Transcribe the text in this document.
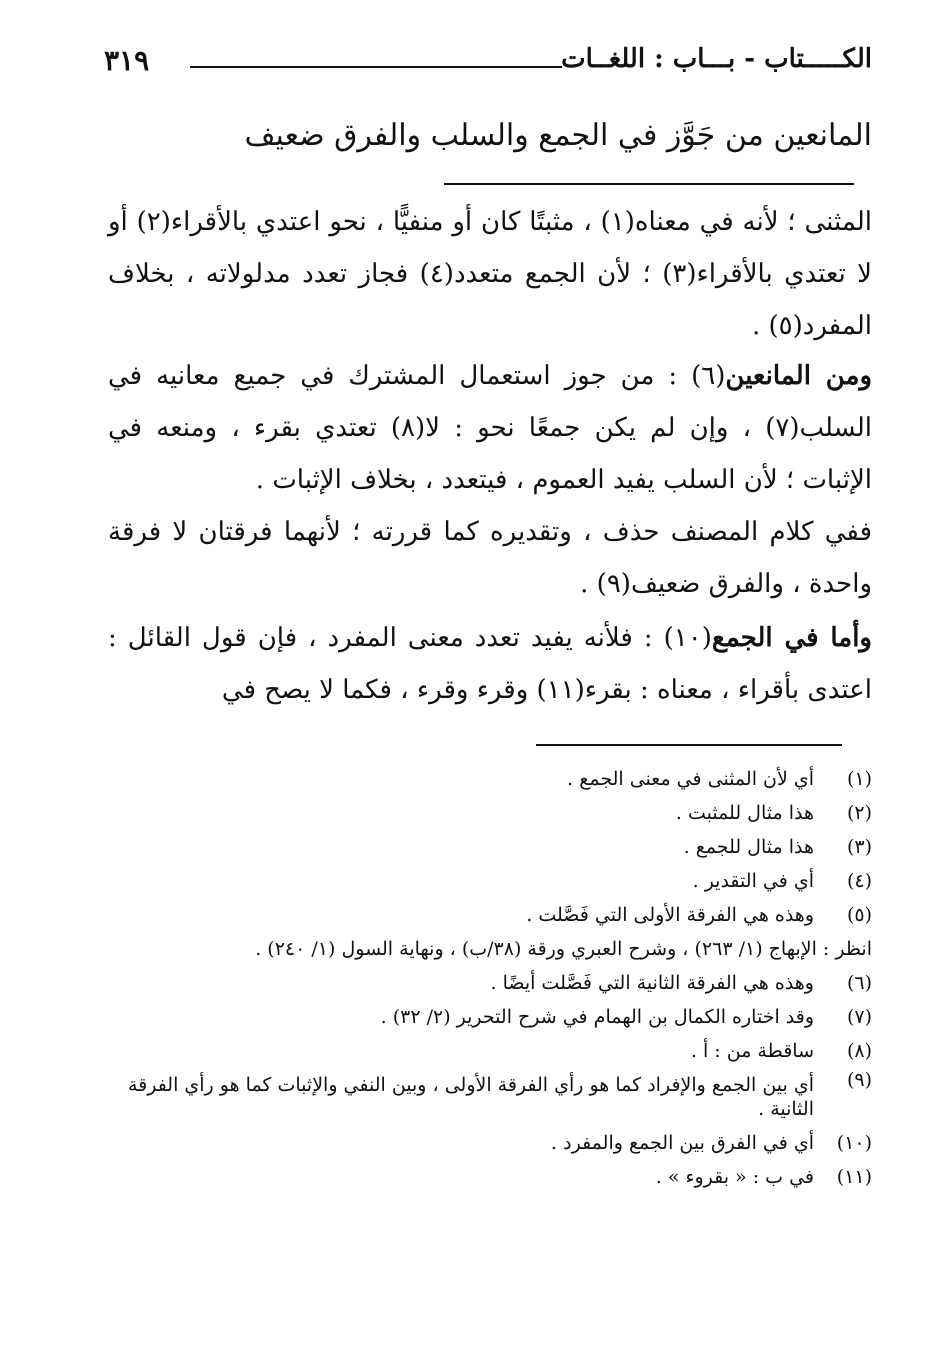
الكـــــتاب - بـــاب : اللغــات
٣١٩
المانعين من جَوَّز في الجمع والسلب والفرق ضعيف
المثنى ؛ لأنه في معناه(١) ، مثبتًا كان أو منفيًّا ، نحو اعتدي بالأقراء(٢) أو لا تعتدي بالأقراء(٣) ؛ لأن الجمع متعدد(٤) فجاز تعدد مدلولاته ، بخلاف المفرد(٥) .
ومن المانعين(٦) : من جوز استعمال المشترك في جميع معانيه في السلب(٧) ، وإن لم يكن جمعًا نحو : لا(٨) تعتدي بقرء ، ومنعه في الإثبات ؛ لأن السلب يفيد العموم ، فيتعدد ، بخلاف الإثبات .
ففي كلام المصنف حذف ، وتقديره كما قررته ؛ لأنهما فرقتان لا فرقة واحدة ، والفرق ضعيف(٩) .
وأما في الجمع(١٠) : فلأنه يفيد تعدد معنى المفرد ، فإن قول القائل : اعتدى بأقراء ، معناه : بقرء(١١) وقرء وقرء ، فكما لا يصح في
(١)
أي لأن المثنى في معنى الجمع .
(٢)
هذا مثال للمثبت .
(٣)
هذا مثال للجمع .
(٤)
أي في التقدير .
(٥)
وهذه هي الفرقة الأولى التي فَصَّلت .
انظر : الإبهاج (١/ ٢٦٣) ، وشرح العبري ورقة (٣٨/ب) ، ونهاية السول (١/ ٢٤٠) .
(٦)
وهذه هي الفرقة الثانية التي فَصَّلت أيضًا .
(٧)
وقد اختاره الكمال بن الهمام في شرح التحرير (٢/ ٣٢) .
(٨)
ساقطة من : أ .
(٩)
أي بين الجمع والإفراد كما هو رأي الفرقة الأولى ، وبين النفي والإثبات كما هو رأي الفرقة الثانية .
(١٠)
أي في الفرق بين الجمع والمفرد .
(١١)
في ب : « بقروء » .
